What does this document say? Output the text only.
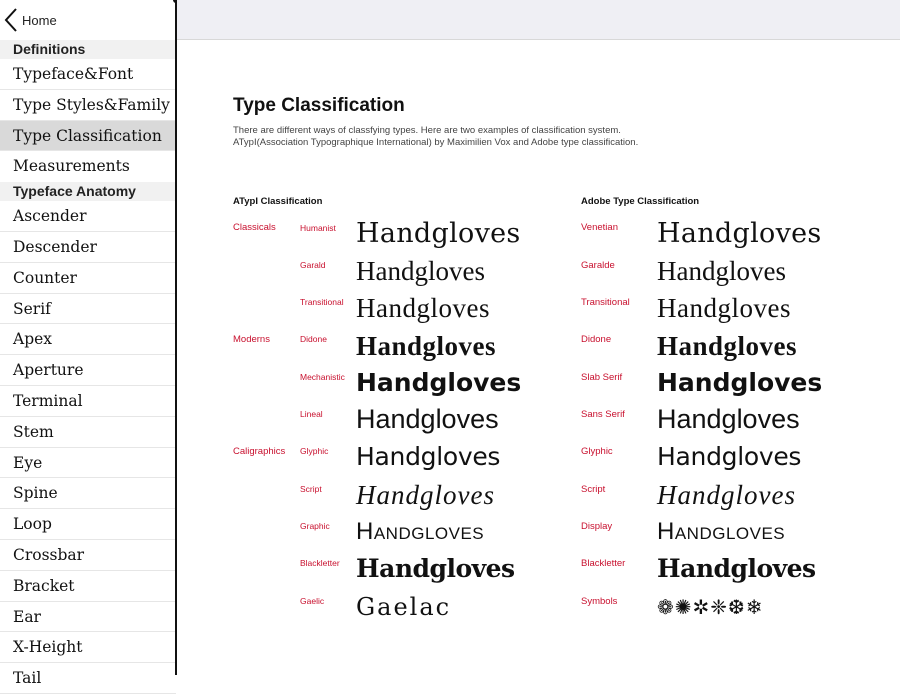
Home
Definitions
Typeface&Font
Type Styles&Family
Type Classification
Measurements
Typeface Anatomy
Ascender
Descender
Counter
Serif
Apex
Aperture
Terminal
Stem
Eye
Spine
Loop
Crossbar
Bracket
Ear
X-Height
Tail
Type Classification
There are different ways of classfying types. Here are two examples of classification system.
ATypI(Association Typographique International) by Maximilien Vox and Adobe type classification.
ATypI Classification
Classicals
Moderns
Caligraphics
Humanist Handgloves
Garald Handgloves
Transitional Handgloves
Didone Handgloves
Mechanistic Handgloves
Lineal Handgloves
Glyphic Handgloves
Script Handgloves
Graphic Handgloves
Blackletter Handgloves
Gaelic Gaelac
Adobe Type Classification
Venetian Handgloves
Garalde Handgloves
Transitional Handgloves
Didone Handgloves
Slab Serif Handgloves
Sans Serif Handgloves
Glyphic Handgloves
Script Handgloves
Display Handgloves
Blackletter Handgloves
Symbols ❁✺✲❈❆❄
